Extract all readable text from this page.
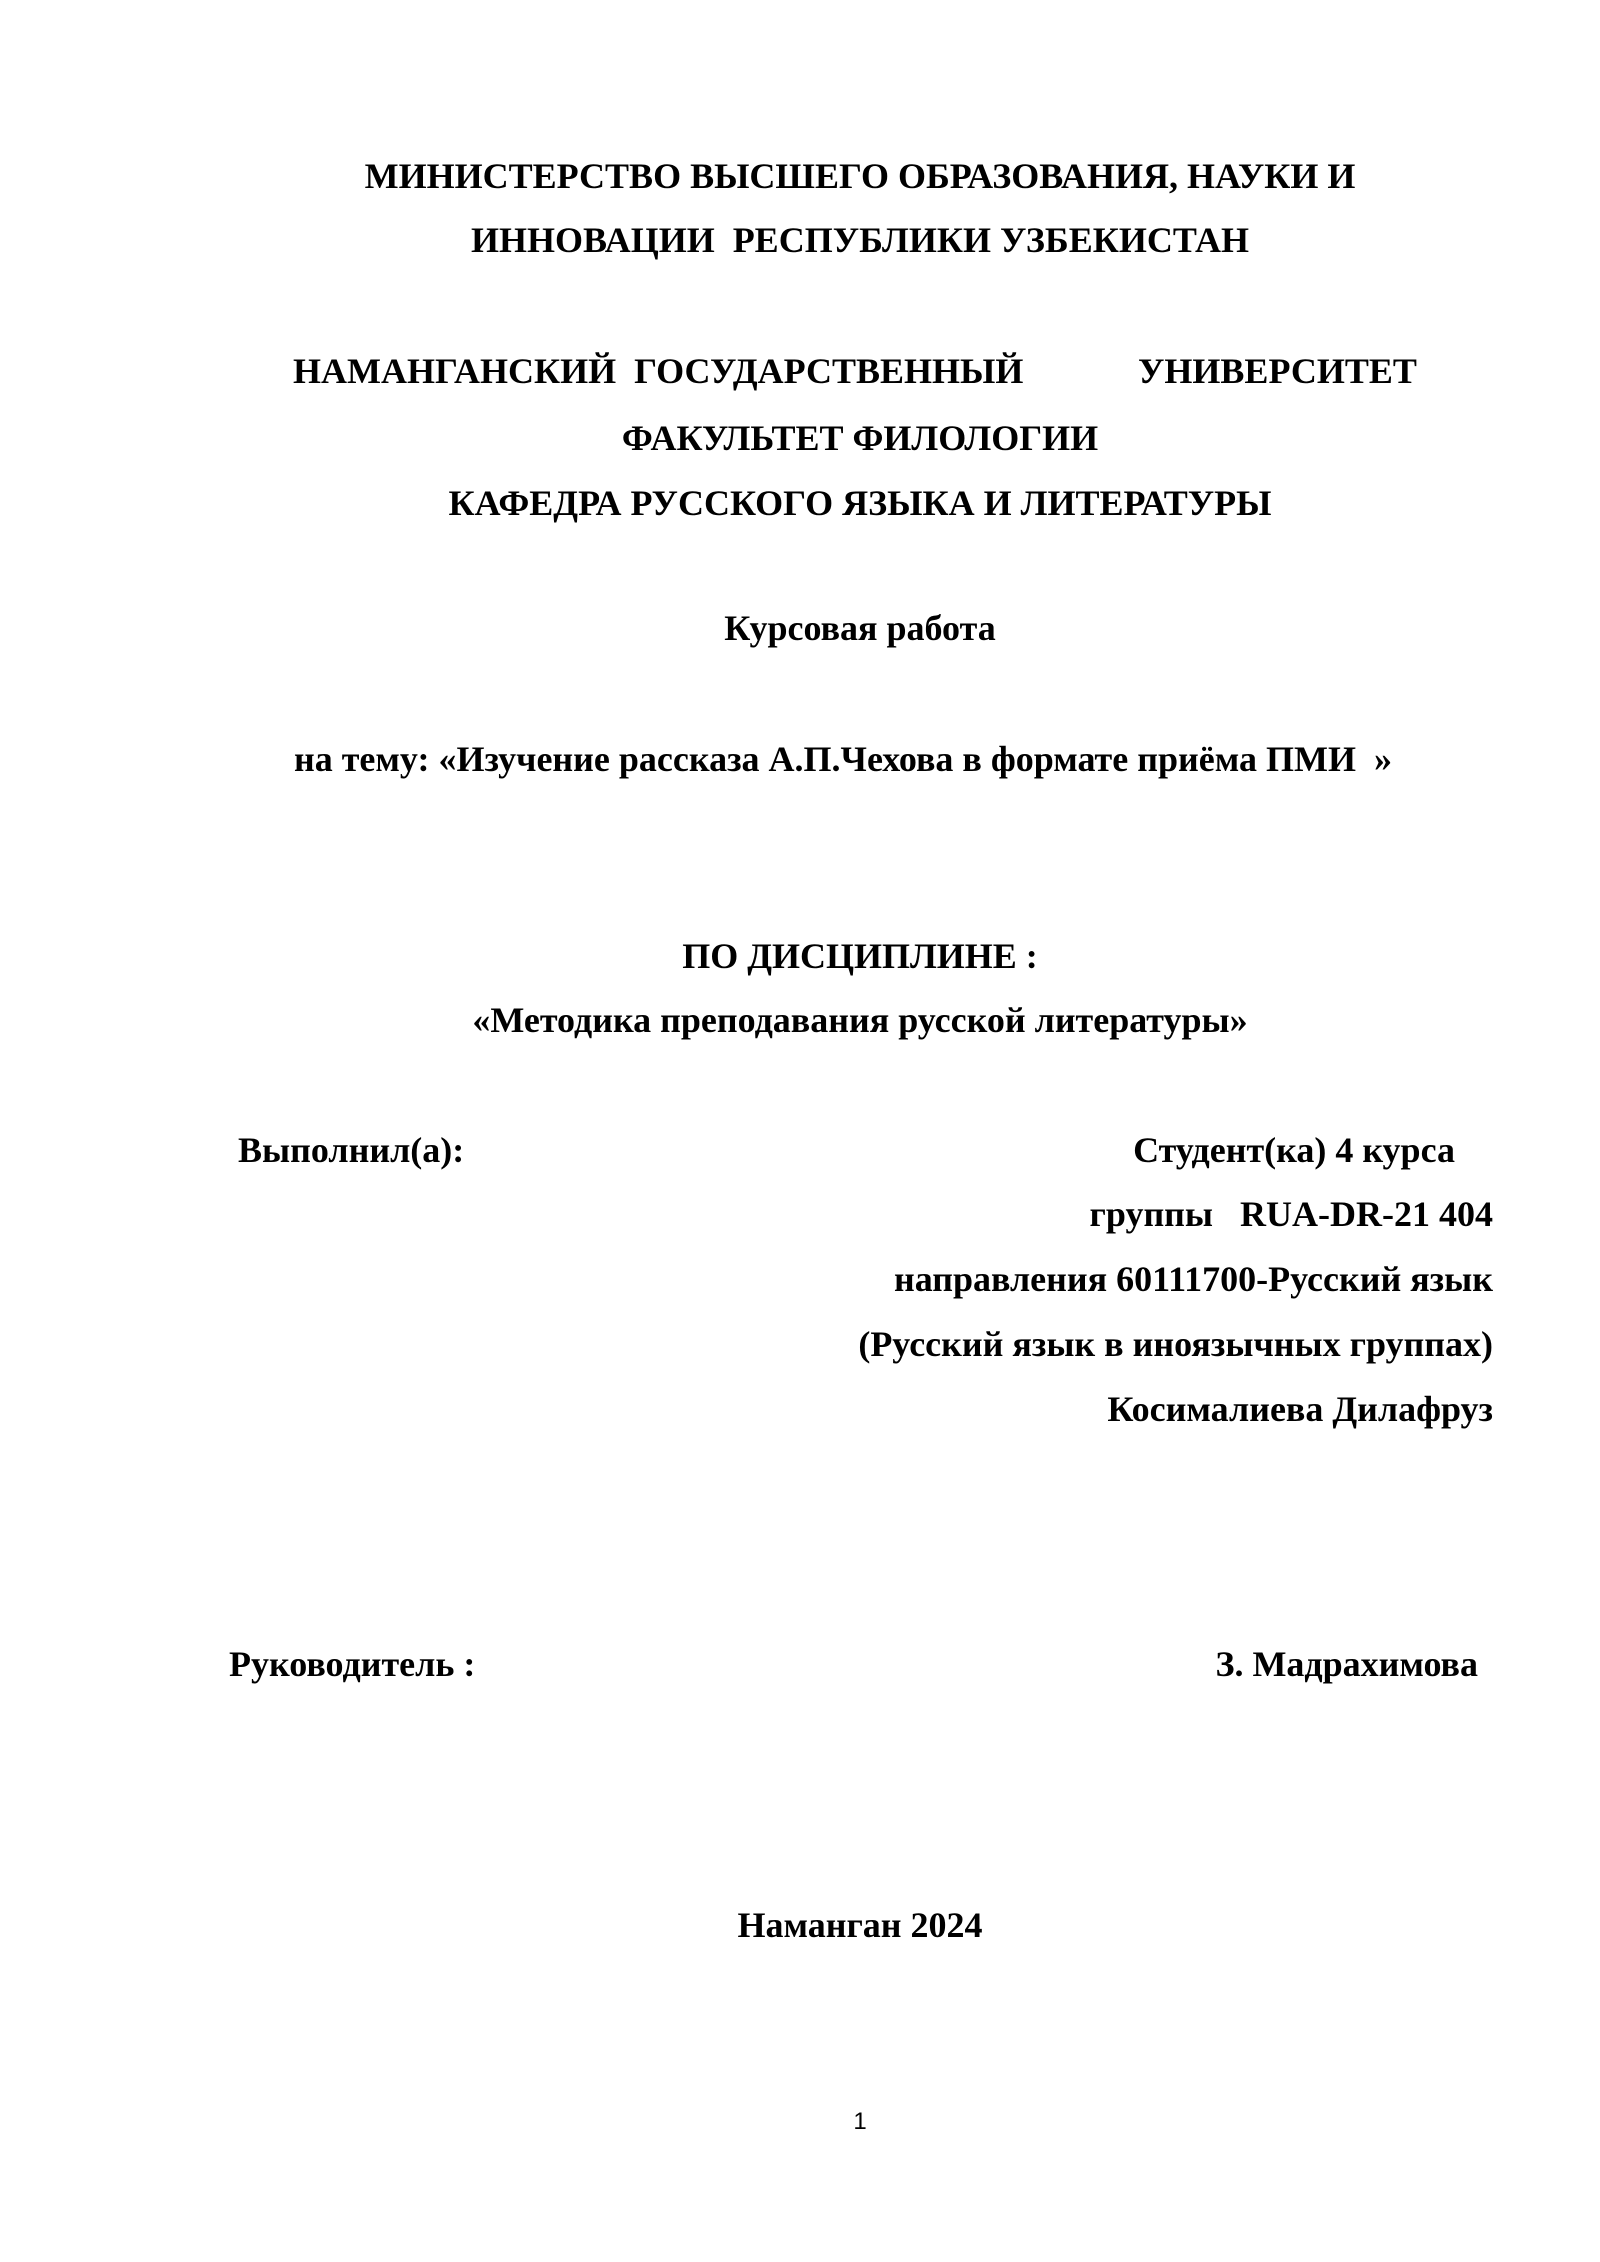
МИНИСТЕРСТВО ВЫСШЕГО ОБРАЗОВАНИЯ, НАУКИ И
ИННОВАЦИИ  РЕСПУБЛИКИ УЗБЕКИСТАН
НАМАНГАНСКИЙ  ГОСУДАРСТВЕННЫЙ	УНИВЕРСИТЕТ
ФАКУЛЬТЕТ ФИЛОЛОГИИ
КАФЕДРА РУССКОГО ЯЗЫКА И ЛИТЕРАТУРЫ
Курсовая работа
на тему: «Изучение рассказа А.П.Чехова в формате приёма ПМИ  »
ПО ДИСЦИПЛИНЕ :
«Методика преподавания русской литературы»
Выполнил(а):	Студент(ка) 4 курса
группы   RUA-DR-21 404
направления 60111700-Русский язык
(Русский язык в иноязычных группах)
Косималиева Дилафруз
Руководитель :	З. Мадрахимова
Наманган 2024
1
